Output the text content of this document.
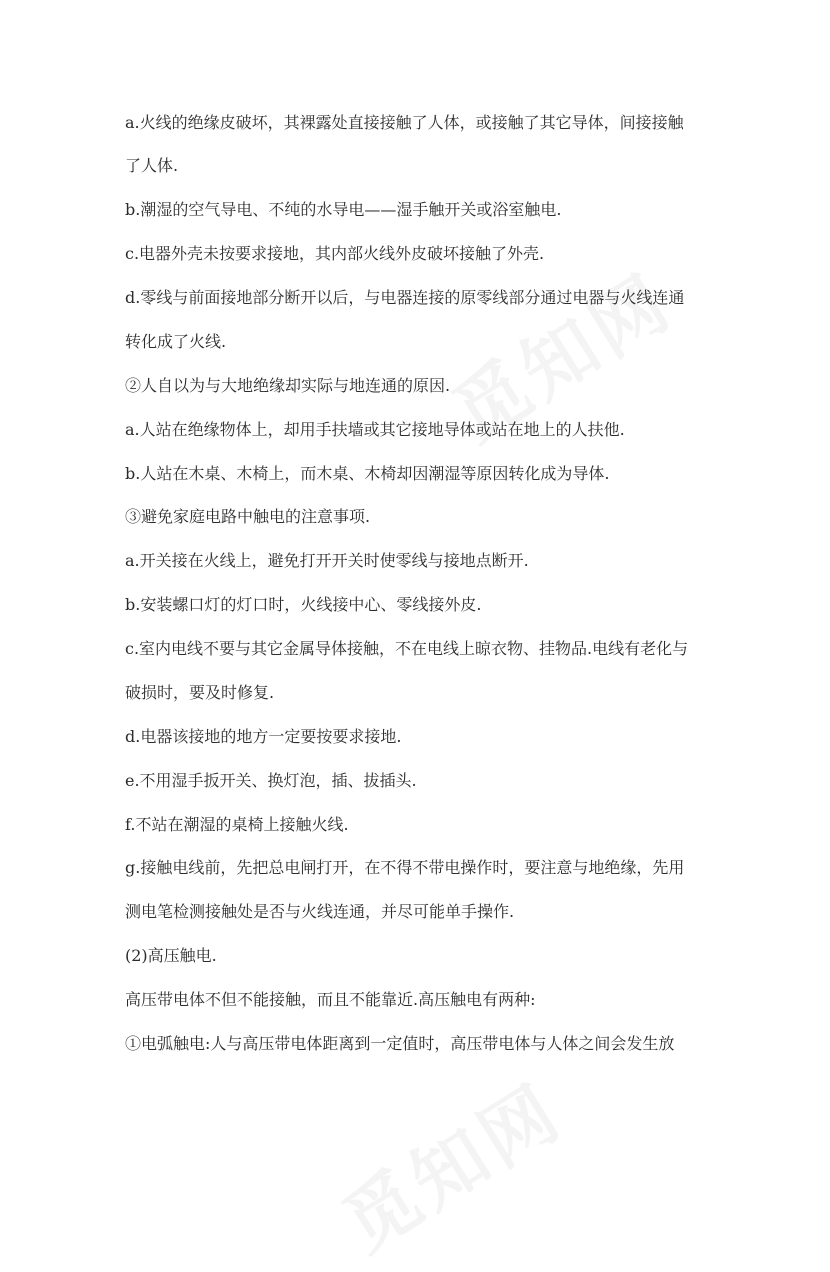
a.火线的绝缘皮破坏，其裸露处直接接触了人体，或接触了其它导体，间接接触
了人体.
b.潮湿的空气导电、不纯的水导电——湿手触开关或浴室触电.
c.电器外壳未按要求接地，其内部火线外皮破坏接触了外壳.
d.零线与前面接地部分断开以后，与电器连接的原零线部分通过电器与火线连通
转化成了火线.
②人自以为与大地绝缘却实际与地连通的原因.
a.人站在绝缘物体上，却用手扶墙或其它接地导体或站在地上的人扶他.
b.人站在木桌、木椅上，而木桌、木椅却因潮湿等原因转化成为导体.
③避免家庭电路中触电的注意事项.
a.开关接在火线上，避免打开开关时使零线与接地点断开.
b.安装螺口灯的灯口时，火线接中心、零线接外皮.
c.室内电线不要与其它金属导体接触，不在电线上晾衣物、挂物品.电线有老化与
破损时，要及时修复.
d.电器该接地的地方一定要按要求接地.
e.不用湿手扳开关、换灯泡，插、拔插头.
f.不站在潮湿的桌椅上接触火线.
g.接触电线前，先把总电闸打开，在不得不带电操作时，要注意与地绝缘，先用
测电笔检测接触处是否与火线连通，并尽可能单手操作.
(2)高压触电.
高压带电体不但不能接触，而且不能靠近.高压触电有两种:
①电弧触电:人与高压带电体距离到一定值时，高压带电体与人体之间会发生放
